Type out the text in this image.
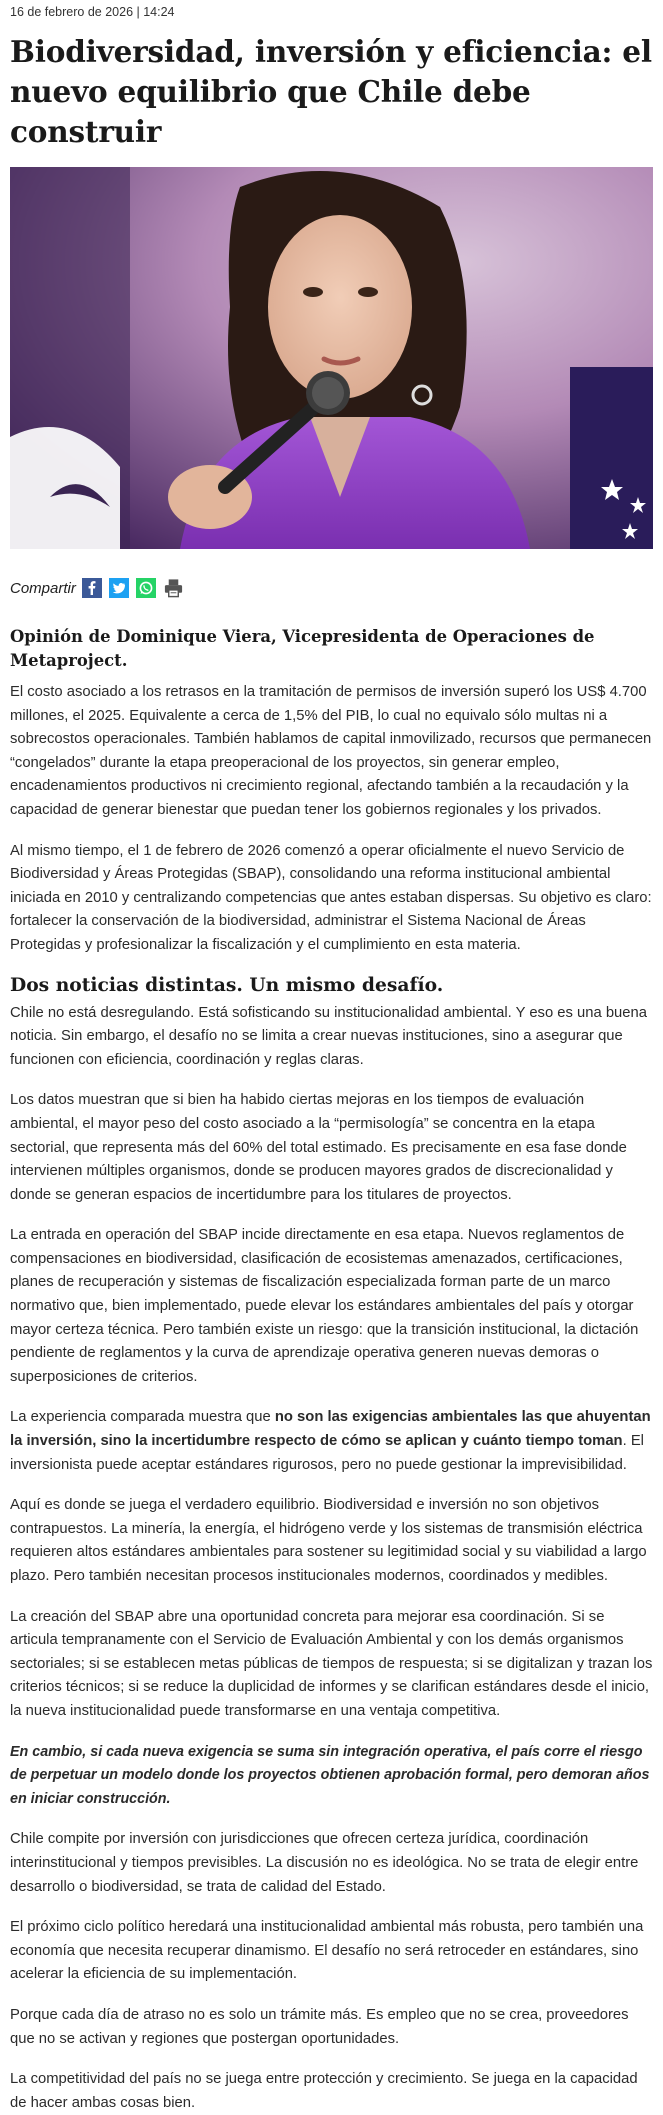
16 de febrero de 2026 | 14:24
Biodiversidad, inversión y eficiencia: el nuevo equilibrio que Chile debe construir
Compartir
Opinión de Dominique Viera, Vicepresidenta de Operaciones de Metaproject.

El costo asociado a los retrasos en la tramitación de permisos de inversión superó los US$ 4.700 millones, el 2025. Equivalente a cerca de 1,5% del PIB, lo cual no equivalo sólo multas ni a sobrecostos operacionales. También hablamos de capital inmovilizado, recursos que permanecen “congelados” durante la etapa preoperacional de los proyectos, sin generar empleo, encadenamientos productivos ni crecimiento regional, afectando también a la recaudación y la capacidad de generar bienestar que puedan tener los gobiernos regionales y los privados.

Al mismo tiempo, el 1 de febrero de 2026 comenzó a operar oficialmente el nuevo Servicio de Biodiversidad y Áreas Protegidas (SBAP), consolidando una reforma institucional ambiental iniciada en 2010 y centralizando competencias que antes estaban dispersas. Su objetivo es claro: fortalecer la conservación de la biodiversidad, administrar el Sistema Nacional de Áreas Protegidas y profesionalizar la fiscalización y el cumplimiento en esta materia.

Dos noticias distintas. Un mismo desafío.

Chile no está desregulando. Está sofisticando su institucionalidad ambiental. Y eso es una buena noticia. Sin embargo, el desafío no se limita a crear nuevas instituciones, sino a asegurar que funcionen con eficiencia, coordinación y reglas claras.

Los datos muestran que si bien ha habido ciertas mejoras en los tiempos de evaluación ambiental, el mayor peso del costo asociado a la “permisología” se concentra en la etapa sectorial, que representa más del 60% del total estimado. Es precisamente en esa fase donde intervienen múltiples organismos, donde se producen mayores grados de discrecionalidad y donde se generan espacios de incertidumbre para los titulares de proyectos.

La entrada en operación del SBAP incide directamente en esa etapa. Nuevos reglamentos de compensaciones en biodiversidad, clasificación de ecosistemas amenazados, certificaciones, planes de recuperación y sistemas de fiscalización especializada forman parte de un marco normativo que, bien implementado, puede elevar los estándares ambientales del país y otorgar mayor certeza técnica. Pero también existe un riesgo: que la transición institucional, la dictación pendiente de reglamentos y la curva de aprendizaje operativa generen nuevas demoras o superposiciones de criterios.

La experiencia comparada muestra que no son las exigencias ambientales las que ahuyentan la inversión, sino la incertidumbre respecto de cómo se aplican y cuánto tiempo toman. El inversionista puede aceptar estándares rigurosos, pero no puede gestionar la imprevisibilidad.

Aquí es donde se juega el verdadero equilibrio. Biodiversidad e inversión no son objetivos contrapuestos. La minería, la energía, el hidrógeno verde y los sistemas de transmisión eléctrica requieren altos estándares ambientales para sostener su legitimidad social y su viabilidad a largo plazo. Pero también necesitan procesos institucionales modernos, coordinados y medibles.

La creación del SBAP abre una oportunidad concreta para mejorar esa coordinación. Si se articula tempranamente con el Servicio de Evaluación Ambiental y con los demás organismos sectoriales; si se establecen metas públicas de tiempos de respuesta; si se digitalizan y trazan los criterios técnicos; si se reduce la duplicidad de informes y se clarifican estándares desde el inicio, la nueva institucionalidad puede transformarse en una ventaja competitiva.

En cambio, si cada nueva exigencia se suma sin integración operativa, el país corre el riesgo de perpetuar un modelo donde los proyectos obtienen aprobación formal, pero demoran años en iniciar construcción.

Chile compite por inversión con jurisdicciones que ofrecen certeza jurídica, coordinación interinstitucional y tiempos previsibles. La discusión no es ideológica. No se trata de elegir entre desarrollo o biodiversidad, se trata de calidad del Estado.

El próximo ciclo político heredará una institucionalidad ambiental más robusta, pero también una economía que necesita recuperar dinamismo. El desafío no será retroceder en estándares, sino acelerar la eficiencia de su implementación.

Porque cada día de atraso no es solo un trámite más. Es empleo que no se crea, proveedores que no se activan y regiones que postergan oportunidades.

La competitividad del país no se juega entre protección y crecimiento. Se juega en la capacidad de hacer ambas cosas bien.
